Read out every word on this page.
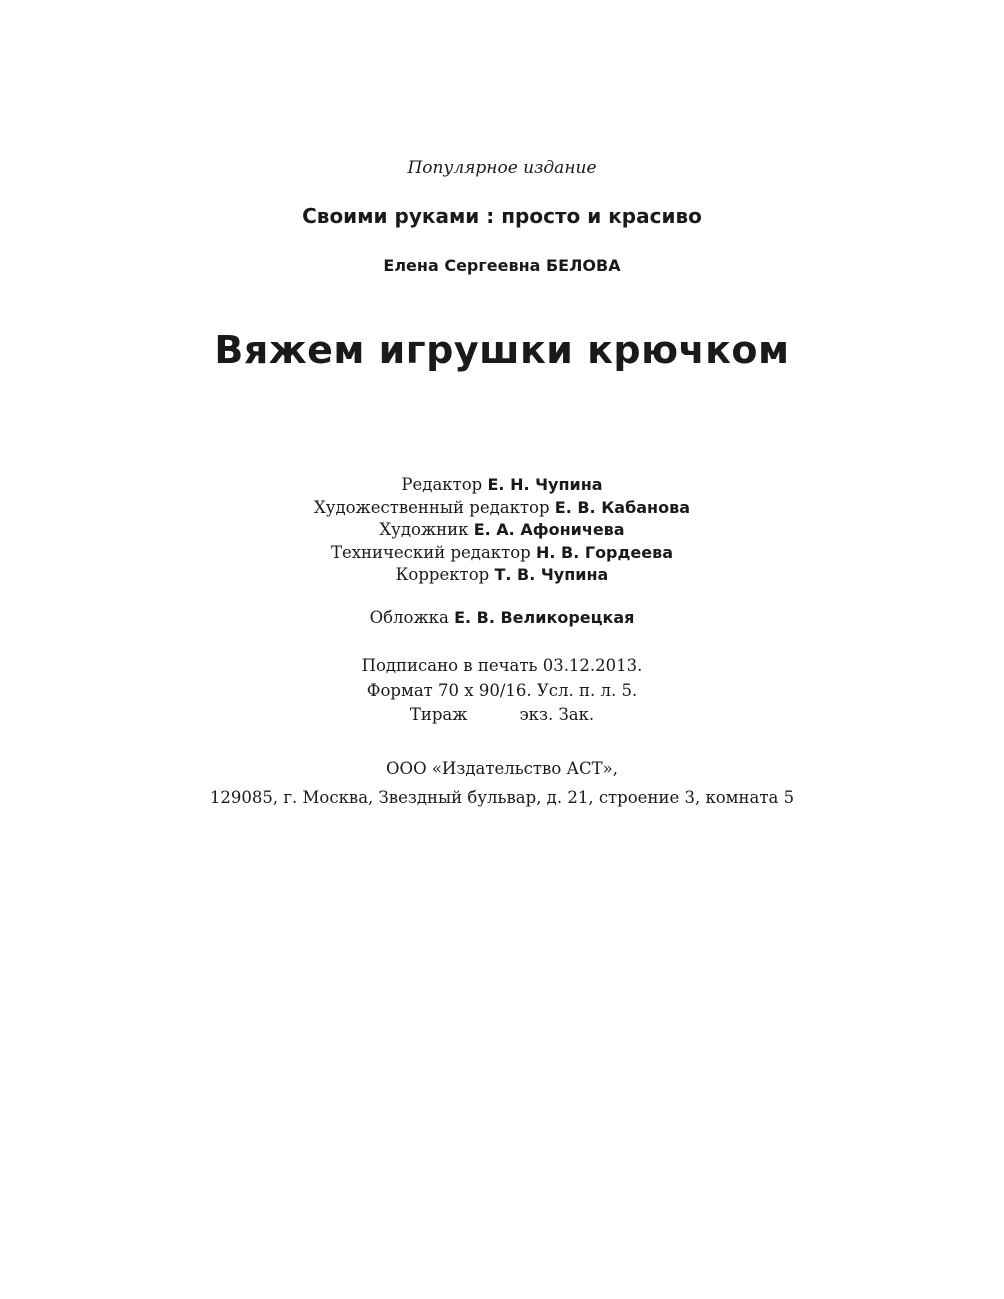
Популярное издание
Своими руками : просто и красиво
Елена Сергеевна БЕЛОВА
Вяжем игрушки крючком
Редактор Е. Н. Чупина
Художественный редактор Е. В. Кабанова
Художник Е. А. Афоничева
Технический редактор Н. В. Гордеева
Корректор Т. В. Чупина
Обложка Е. В. Великорецкая
Подписано в печать 03.12.2013.
Формат 70 х 90/16. Усл. п. л. 5.
Тираж	экз. Зак.
ООО «Издательство АСТ»,
129085, г. Москва, Звездный бульвар, д. 21, строение 3, комната 5
